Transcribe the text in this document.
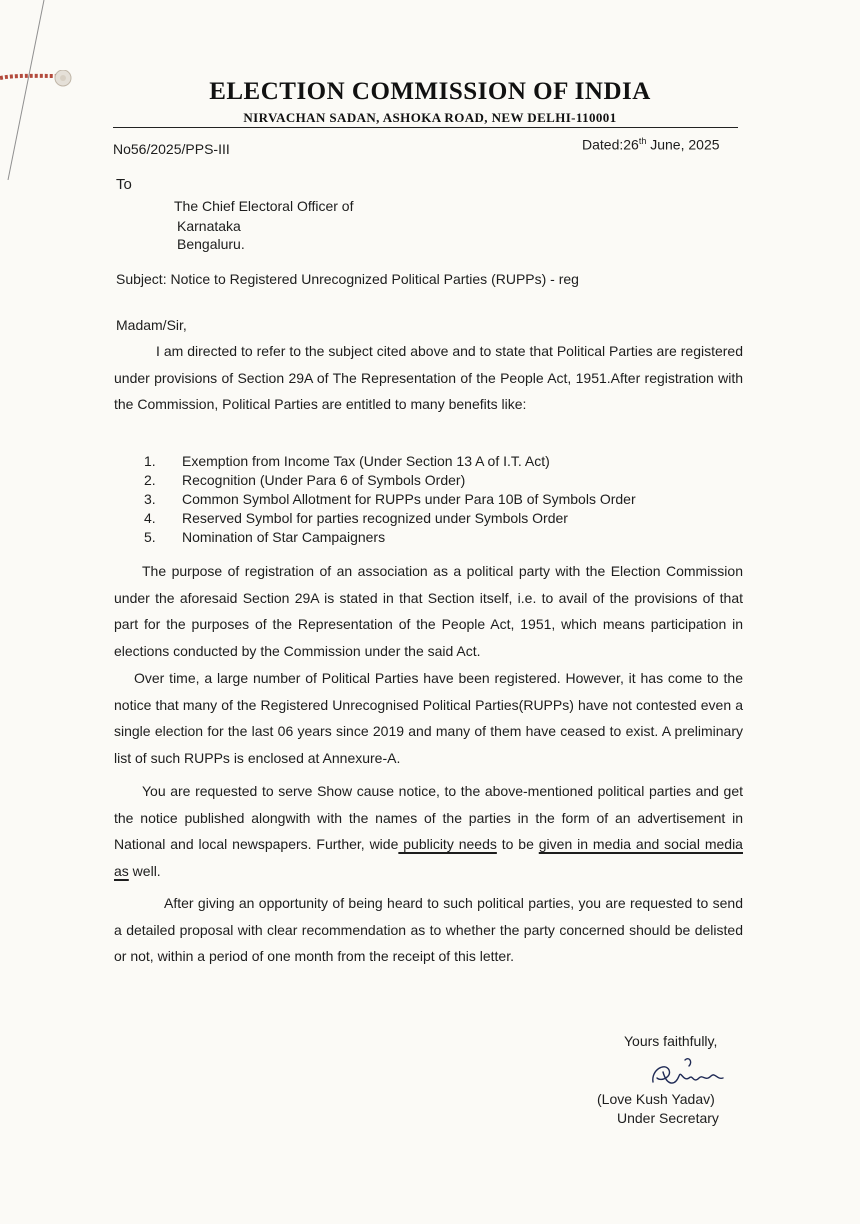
ELECTION COMMISSION OF INDIA
NIRVACHAN SADAN, ASHOKA ROAD, NEW DELHI-110001
No56/2025/PPS-III	Dated:26th June, 2025
To
The Chief Electoral Officer of
Karnataka
Bengaluru.
Subject: Notice to Registered Unrecognized Political Parties (RUPPs) - reg
Madam/Sir,

I am directed to refer to the subject cited above and to state that Political Parties are registered under provisions of Section 29A of The Representation of the People Act, 1951.After registration with the Commission, Political Parties are entitled to many benefits like:

1. Exemption from Income Tax (Under Section 13 A of I.T. Act)
2. Recognition (Under Para 6 of Symbols Order)
3. Common Symbol Allotment for RUPPs under Para 10B of Symbols Order
4. Reserved Symbol for parties recognized under Symbols Order
5. Nomination of Star Campaigners

The purpose of registration of an association as a political party with the Election Commission under the aforesaid Section 29A is stated in that Section itself, i.e. to avail of the provisions of that part for the purposes of the Representation of the People Act, 1951, which means participation in elections conducted by the Commission under the said Act.

Over time, a large number of Political Parties have been registered. However, it has come to the notice that many of the Registered Unrecognised Political Parties(RUPPs) have not contested even a single election for the last 06 years since 2019 and many of them have ceased to exist. A preliminary list of such RUPPs is enclosed at Annexure-A.

You are requested to serve Show cause notice, to the above-mentioned political parties and get the notice published alongwith with the names of the parties in the form of an advertisement in National and local newspapers. Further, wide publicity needs to be given in media and social media as well.

After giving an opportunity of being heard to such political parties, you are requested to send a detailed proposal with clear recommendation as to whether the party concerned should be delisted or not, within a period of one month from the receipt of this letter.

Yours faithfully,
(Love Kush Yadav)
Under Secretary
